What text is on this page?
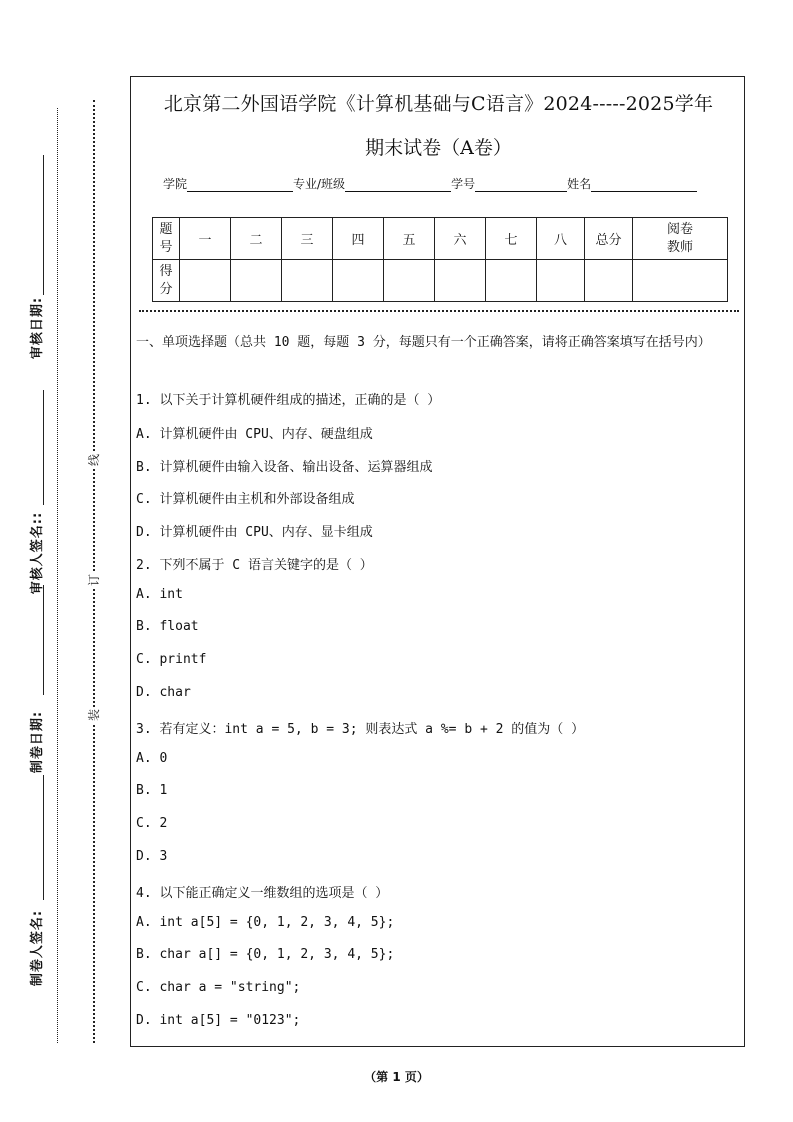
审核日期:
审核人签名::
制卷日期:
制卷人签名:
线
订
装
北京第二外国语学院《计算机基础与C语言》2024-----2025学年
期末试卷（A卷）
学院	专业/班级	学号	姓名
题号	一	二	三	四	五	六	七	八	总分	阅卷教师
得分										
一、单项选择题（总共 10 题，每题 3 分，每题只有一个正确答案，请将正确答案填写在括号内）
1. 以下关于计算机硬件组成的描述，正确的是（ ）
A. 计算机硬件由 CPU、内存、硬盘组成
B. 计算机硬件由输入设备、输出设备、运算器组成
C. 计算机硬件由主机和外部设备组成
D. 计算机硬件由 CPU、内存、显卡组成
2. 下列不属于 C 语言关键字的是（ ）
A. int
B. float
C. printf
D. char
3. 若有定义：int a = 5, b = 3; 则表达式 a %= b + 2 的值为（ ）
A. 0
B. 1
C. 2
D. 3
4. 以下能正确定义一维数组的选项是（ ）
A. int a[5] = {0, 1, 2, 3, 4, 5};
B. char a[] = {0, 1, 2, 3, 4, 5};
C. char a = "string";
D. int a[5] = "0123";
（第 1 页）
